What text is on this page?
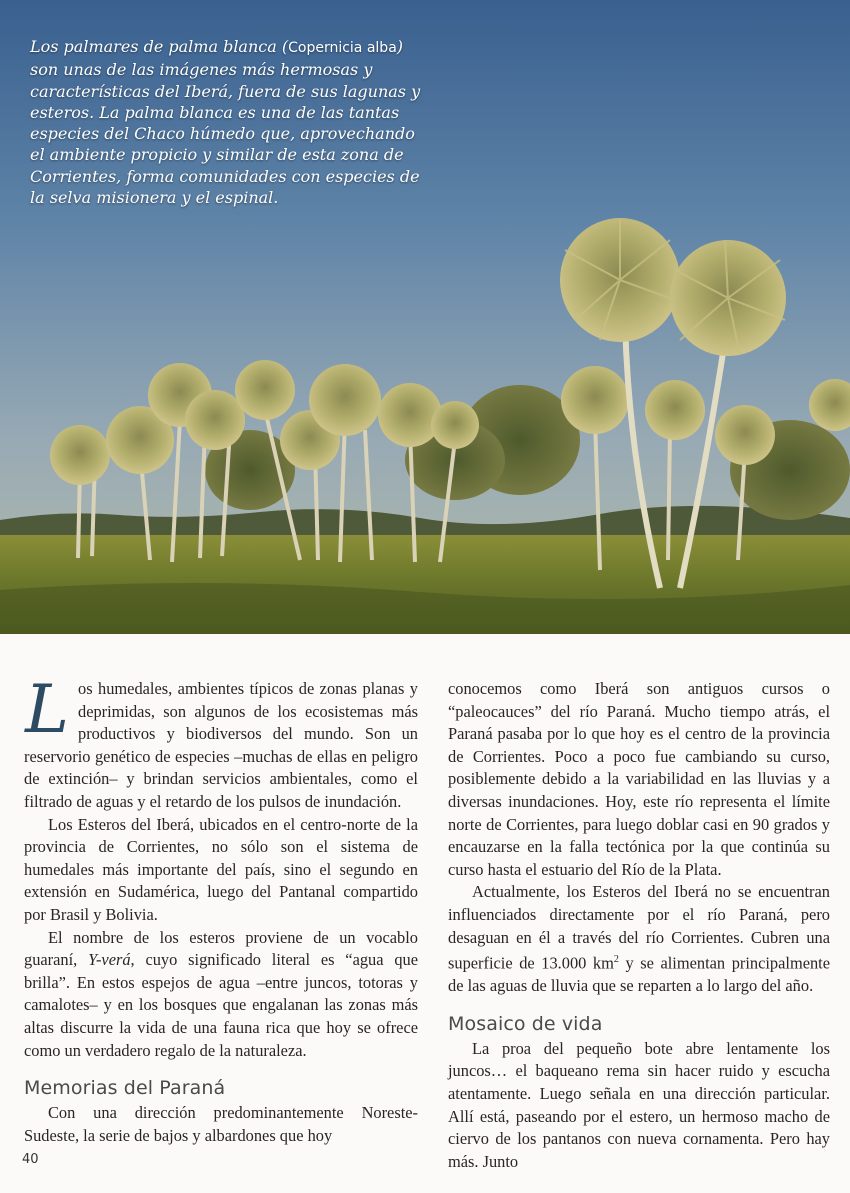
Los palmares de palma blanca (Copernicia alba) son unas de las imágenes más hermosas y características del Iberá, fuera de sus lagunas y esteros. La palma blanca es una de las tantas especies del Chaco húmedo que, aprovechando el ambiente propicio y similar de esta zona de Corrientes, forma comunidades con especies de la selva misionera y el espinal.

Los humedales, ambientes típicos de zonas planas y deprimidas, son algunos de los ecosistemas más productivos y biodiversos del mundo. Son un reservorio genético de especies –muchas de ellas en peligro de extinción– y brindan servicios ambientales, como el filtrado de aguas y el retardo de los pulsos de inundación.

Los Esteros del Iberá, ubicados en el centro-norte de la provincia de Corrientes, no sólo son el sistema de humedales más importante del país, sino el segundo en extensión en Sudamérica, luego del Pantanal compartido por Brasil y Bolivia.

El nombre de los esteros proviene de un vocablo guaraní, Y-verá, cuyo significado literal es “agua que brilla”. En estos espejos de agua –entre juncos, totoras y camalotes– y en los bosques que engalanan las zonas más altas discurre la vida de una fauna rica que hoy se ofrece como un verdadero regalo de la naturaleza.

Memorias del Paraná

Con una dirección predominantemente Noreste-Sudeste, la serie de bajos y albardones que hoy

conocemos como Iberá son antiguos cursos o “paleocauces” del río Paraná. Mucho tiempo atrás, el Paraná pasaba por lo que hoy es el centro de la provincia de Corrientes. Poco a poco fue cambiando su curso, posiblemente debido a la variabilidad en las lluvias y a diversas inundaciones. Hoy, este río representa el límite norte de Corrientes, para luego doblar casi en 90 grados y encauzarse en la falla tectónica por la que continúa su curso hasta el estuario del Río de la Plata.

Actualmente, los Esteros del Iberá no se encuentran influenciados directamente por el río Paraná, pero desaguan en él a través del río Corrientes. Cubren una superficie de 13.000 $km^2$ y se alimentan principalmente de las aguas de lluvia que se reparten a lo largo del año.

Mosaico de vida

La proa del pequeño bote abre lentamente los juncos… el baqueano rema sin hacer ruido y escucha atentamente. Luego señala en una dirección particular. Allí está, paseando por el estero, un hermoso macho de ciervo de los pantanos con nueva cornamenta. Pero hay más. Junto

40
